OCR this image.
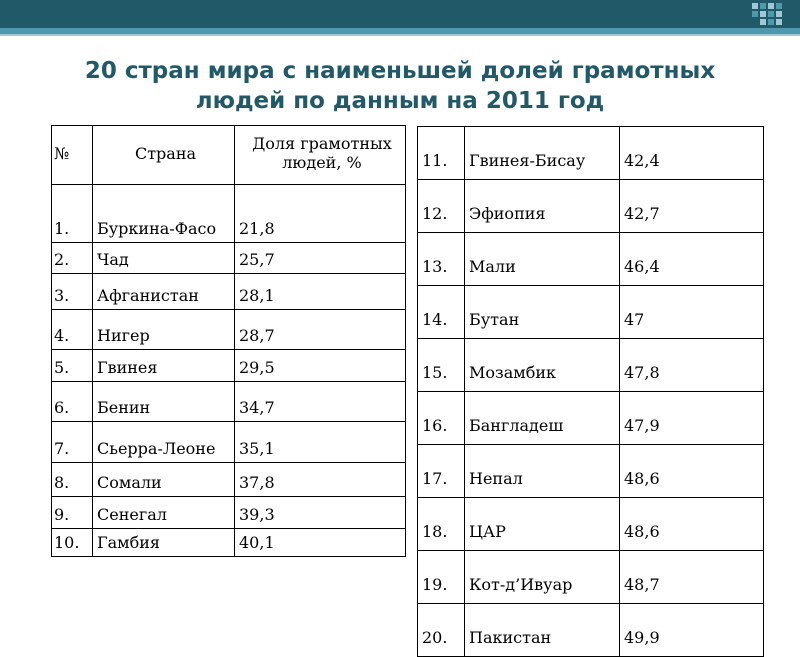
20 стран мира с наименьшей долей грамотных людей по данным на 2011 год
№	Страна	Доля грамотных людей, %
1.	Буркина-Фасо	21,8
2.	Чад	25,7
3.	Афганистан	28,1
4.	Нигер	28,7
5.	Гвинея	29,5
6.	Бенин	34,7
7.	Сьерра-Леоне	35,1
8.	Сомали	37,8
9.	Сенегал	39,3
10.	Гамбия	40,1
11.	Гвинея-Бисау	42,4
12.	Эфиопия	42,7
13.	Мали	46,4
14.	Бутан	47
15.	Мозамбик	47,8
16.	Бангладеш	47,9
17.	Непал	48,6
18.	ЦАР	48,6
19.	Кот-д’Ивуар	48,7
20.	Пакистан	49,9
